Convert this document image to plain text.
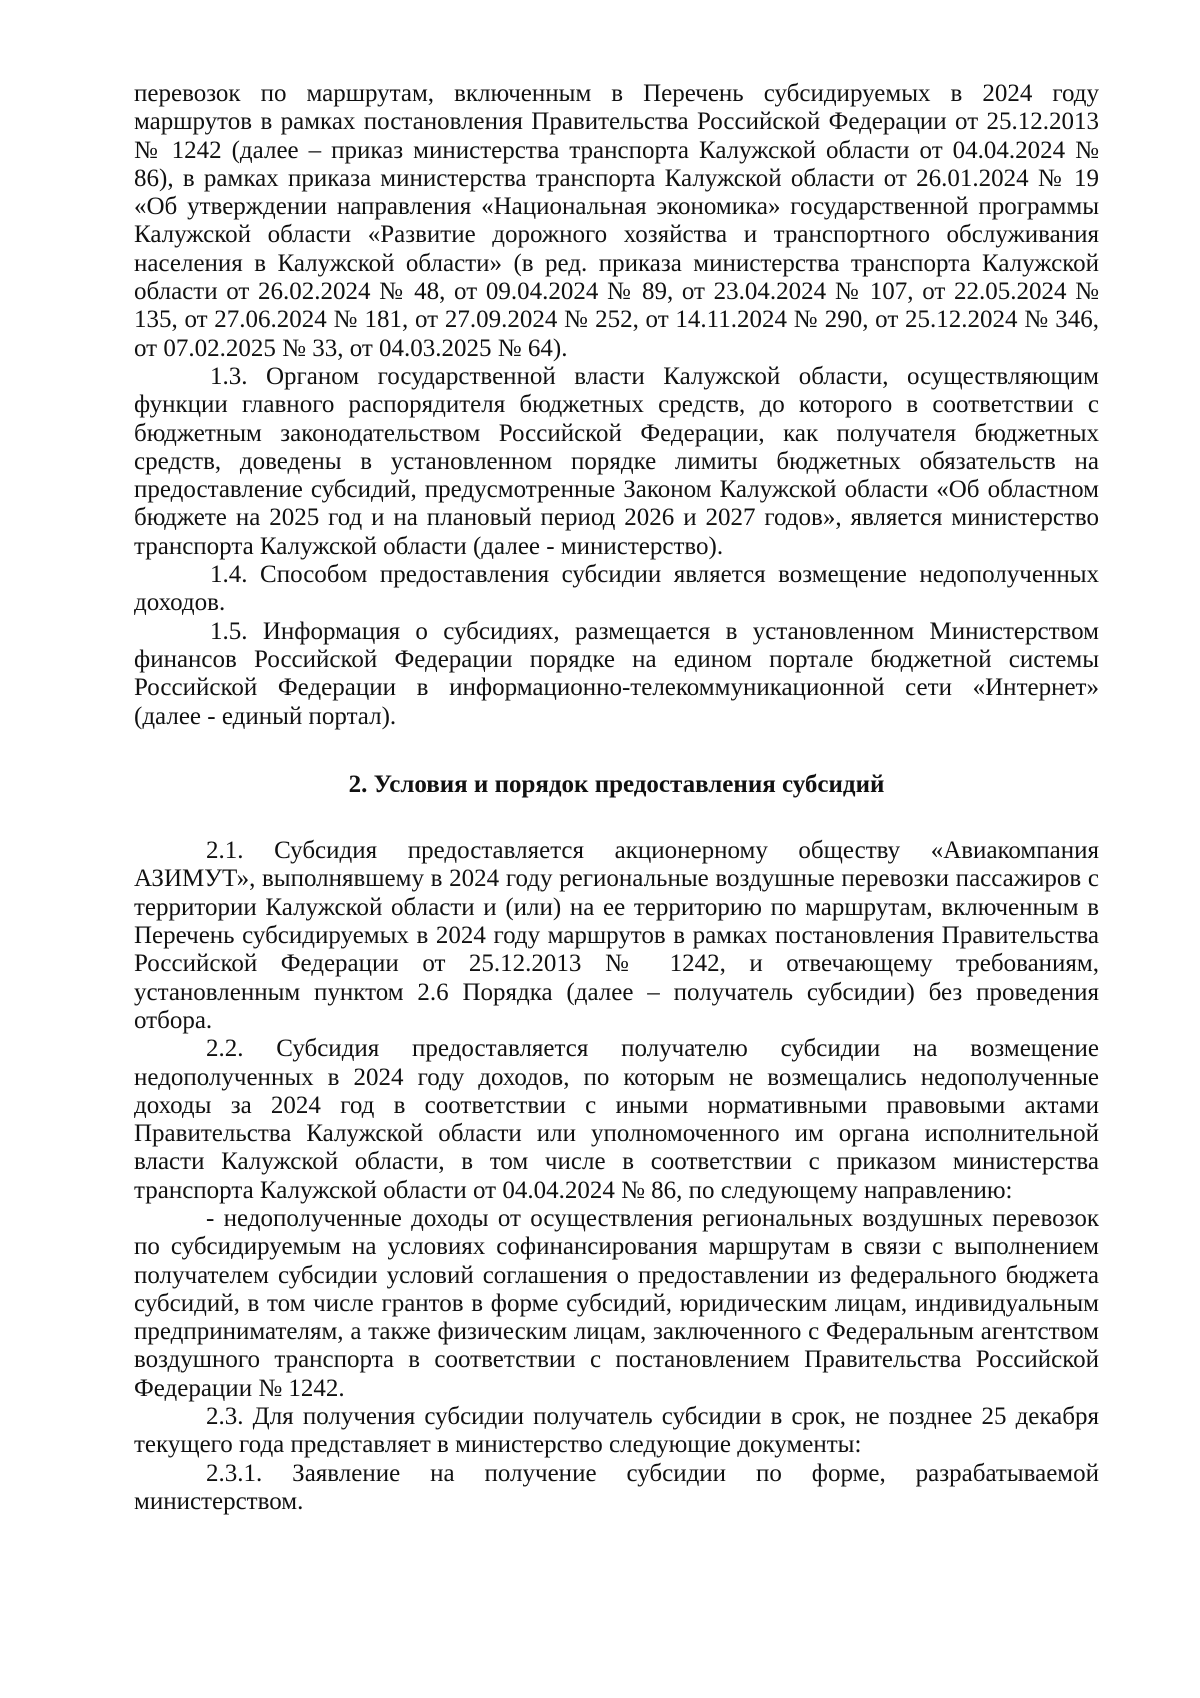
перевозок по маршрутам, включенным в Перечень субсидируемых в 2024 году маршрутов в рамках постановления Правительства Российской Федерации от 25.12.2013 № 1242 (далее – приказ министерства транспорта Калужской области от 04.04.2024 № 86), в рамках приказа министерства транспорта Калужской области от 26.01.2024 № 19 «Об утверждении направления «Национальная экономика» государственной программы Калужской области «Развитие дорожного хозяйства и транспортного обслуживания населения в Калужской области» (в ред. приказа министерства транспорта Калужской области от 26.02.2024 № 48, от 09.04.2024 № 89, от 23.04.2024 № 107, от 22.05.2024 № 135, от 27.06.2024 № 181, от 27.09.2024 № 252, от 14.11.2024 № 290, от 25.12.2024 № 346, от 07.02.2025 № 33, от 04.03.2025 № 64).

1.3. Органом государственной власти Калужской области, осуществляющим функции главного распорядителя бюджетных средств, до которого в соответствии с бюджетным законодательством Российской Федерации, как получателя бюджетных средств, доведены в установленном порядке лимиты бюджетных обязательств на предоставление субсидий, предусмотренные Законом Калужской области «Об областном бюджете на 2025 год и на плановый период 2026 и 2027 годов», является министерство транспорта Калужской области (далее - министерство).

1.4. Способом предоставления субсидии является возмещение недополученных доходов.

1.5. Информация о субсидиях, размещается в установленном Министерством финансов Российской Федерации порядке на едином портале бюджетной системы Российской Федерации в информационно-телекоммуникационной сети «Интернет» (далее - единый портал).

2. Условия и порядок предоставления субсидий

2.1. Субсидия предоставляется акционерному обществу «Авиакомпания АЗИМУТ», выполнявшему в 2024 году региональные воздушные перевозки пассажиров с территории Калужской области и (или) на ее территорию по маршрутам, включенным в Перечень субсидируемых в 2024 году маршрутов в рамках постановления Правительства Российской Федерации от 25.12.2013 № 1242, и отвечающему требованиям, установленным пунктом 2.6 Порядка (далее – получатель субсидии) без проведения отбора.

2.2. Субсидия предоставляется получателю субсидии на возмещение недополученных в 2024 году доходов, по которым не возмещались недополученные доходы за 2024 год в соответствии с иными нормативными правовыми актами Правительства Калужской области или уполномоченного им органа исполнительной власти Калужской области, в том числе в соответствии с приказом министерства транспорта Калужской области от 04.04.2024 № 86, по следующему направлению:

- недополученные доходы от осуществления региональных воздушных перевозок по субсидируемым на условиях софинансирования маршрутам в связи с выполнением получателем субсидии условий соглашения о предоставлении из федерального бюджета субсидий, в том числе грантов в форме субсидий, юридическим лицам, индивидуальным предпринимателям, а также физическим лицам, заключенного с Федеральным агентством воздушного транспорта в соответствии с постановлением Правительства Российской Федерации № 1242.

2.3. Для получения субсидии получатель субсидии в срок, не позднее 25 декабря текущего года представляет в министерство следующие документы:

2.3.1. Заявление на получение субсидии по форме, разрабатываемой министерством.
